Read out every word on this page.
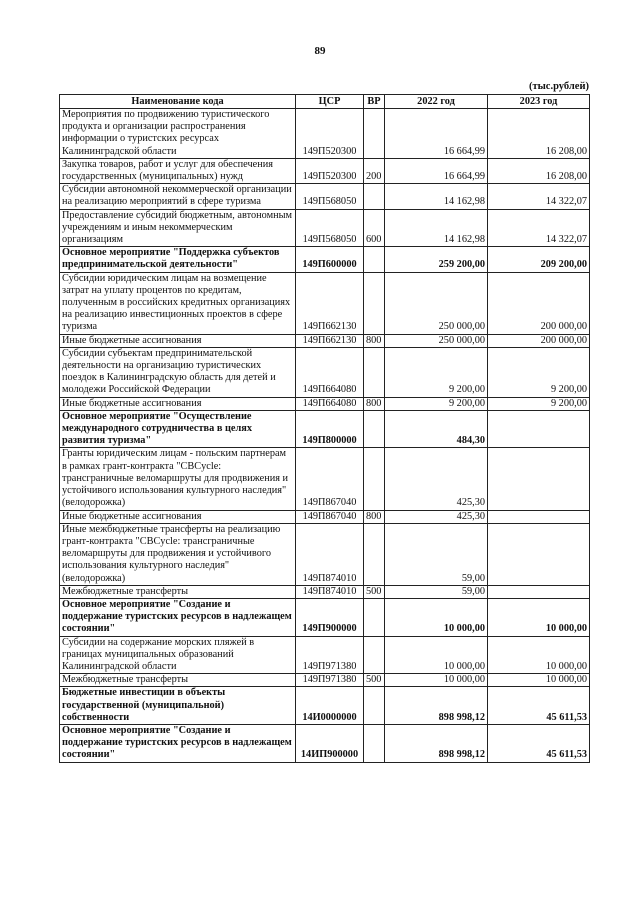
89
(тыс.рублей)
Наименование кода	ЦСР	ВР	2022 год	2023 год
Мероприятия по продвижению туристического продукта и организации распространения информации о туристских ресурсах Калининградской области	149П520300		16 664,99	16 208,00
Закупка товаров, работ и услуг для обеспечения государственных (муниципальных) нужд	149П520300	200	16 664,99	16 208,00
Субсидии автономной некоммерческой организации на реализацию мероприятий в сфере туризма	149П568050		14 162,98	14 322,07
Предоставление субсидий бюджетным, автономным учреждениям и иным некоммерческим организациям	149П568050	600	14 162,98	14 322,07
Основное мероприятие "Поддержка субъектов предпринимательской деятельности"	149П600000		259 200,00	209 200,00
Субсидии юридическим лицам на возмещение затрат на уплату процентов по кредитам, полученным в российских кредитных организациях на реализацию инвестиционных проектов в сфере туризма	149П662130		250 000,00	200 000,00
Иные бюджетные ассигнования	149П662130	800	250 000,00	200 000,00
Субсидии субъектам предпринимательской деятельности на организацию туристических поездок в Калининградскую область для детей и молодежи Российской Федерации	149П664080		9 200,00	9 200,00
Иные бюджетные ассигнования	149П664080	800	9 200,00	9 200,00
Основное мероприятие "Осуществление международного сотрудничества в целях развития туризма"	149П800000		484,30	
Гранты юридическим лицам - польским партнерам в рамках грант-контракта "CBCycle: трансграничные веломаршруты для продвижения и устойчивого использования культурного наследия" (велодорожка)	149П867040		425,30	
Иные бюджетные ассигнования	149П867040	800	425,30	
Иные межбюджетные трансферты на реализацию грант-контракта "CBCycle: трансграничные веломаршруты для продвижения и устойчивого использования культурного наследия" (велодорожка)	149П874010		59,00	
Межбюджетные трансферты	149П874010	500	59,00	
Основное мероприятие "Создание и поддержание туристских ресурсов в надлежащем состоянии"	149П900000		10 000,00	10 000,00
Субсидии на содержание морских пляжей в границах муниципальных образований Калининградской области	149П971380		10 000,00	10 000,00
Межбюджетные трансферты	149П971380	500	10 000,00	10 000,00
Бюджетные инвестиции в объекты государственной (муниципальной) собственности	14И0000000		898 998,12	45 611,53
Основное мероприятие "Создание и поддержание туристских ресурсов в надлежащем состоянии"	14ИП900000		898 998,12	45 611,53
